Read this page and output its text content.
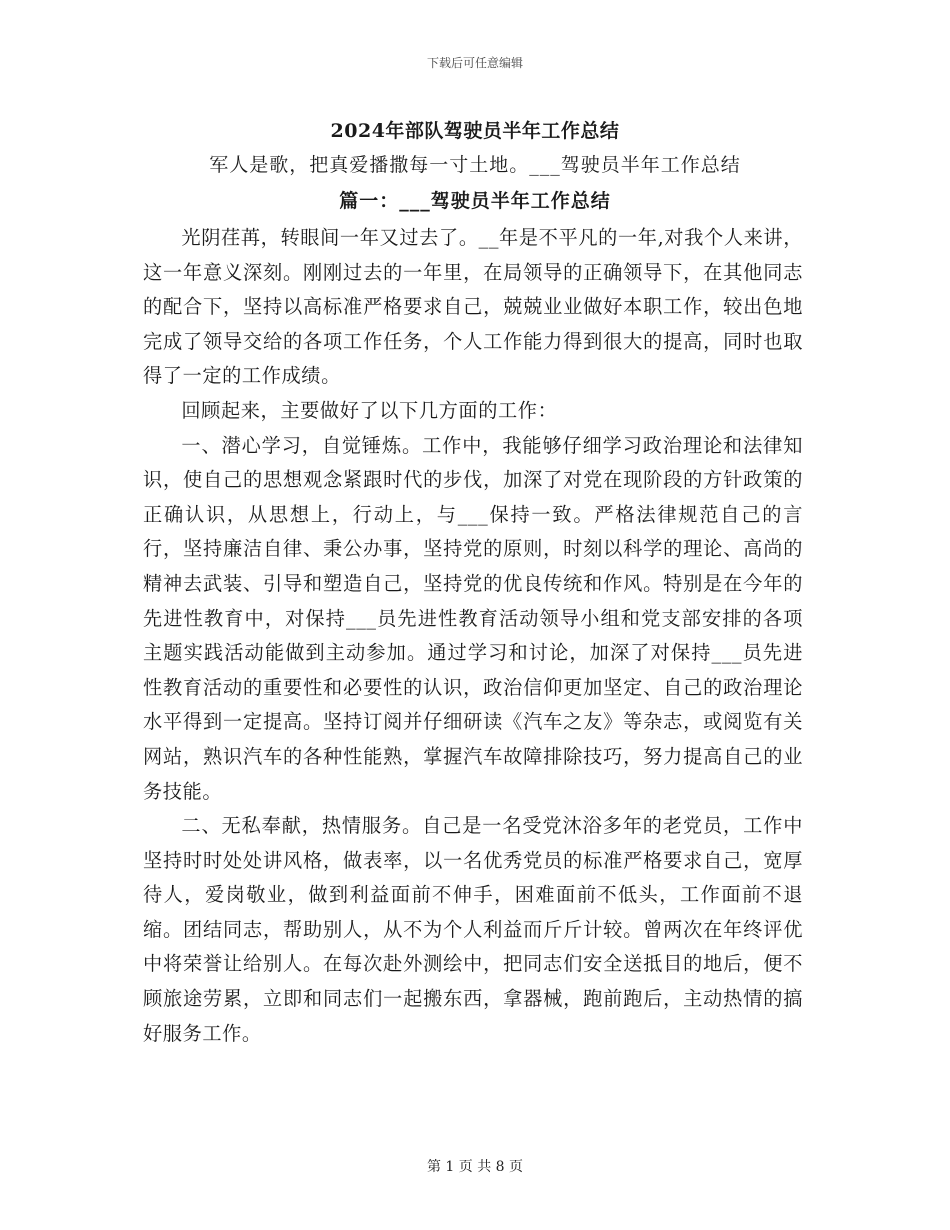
下载后可任意编辑
2024年部队驾驶员半年工作总结
军人是歌，把真爱播撒每一寸土地。___驾驶员半年工作总结
篇一：___驾驶员半年工作总结

光阴荏苒，转眼间一年又过去了。__年是不平凡的一年,对我个人来讲，这一年意义深刻。刚刚过去的一年里，在局领导的正确领导下，在其他同志的配合下，坚持以高标准严格要求自己，兢兢业业做好本职工作，较出色地完成了领导交给的各项工作任务，个人工作能力得到很大的提高，同时也取得了一定的工作成绩。

回顾起来，主要做好了以下几方面的工作：

一、潜心学习，自觉锤炼。工作中，我能够仔细学习政治理论和法律知识，使自己的思想观念紧跟时代的步伐，加深了对党在现阶段的方针政策的正确认识，从思想上，行动上，与___保持一致。严格法律规范自己的言行，坚持廉洁自律、秉公办事，坚持党的原则，时刻以科学的理论、高尚的精神去武装、引导和塑造自己，坚持党的优良传统和作风。特别是在今年的先进性教育中，对保持___员先进性教育活动领导小组和党支部安排的各项主题实践活动能做到主动参加。通过学习和讨论，加深了对保持___员先进性教育活动的重要性和必要性的认识，政治信仰更加坚定、自己的政治理论水平得到一定提高。坚持订阅并仔细研读《汽车之友》等杂志，或阅览有关网站，熟识汽车的各种性能熟，掌握汽车故障排除技巧，努力提高自己的业务技能。

二、无私奉献，热情服务。自己是一名受党沐浴多年的老党员，工作中坚持时时处处讲风格，做表率，以一名优秀党员的标准严格要求自己，宽厚待人，爱岗敬业，做到利益面前不伸手，困难面前不低头，工作面前不退缩。团结同志，帮助别人，从不为个人利益而斤斤计较。曾两次在年终评优中将荣誉让给别人。在每次赴外测绘中，把同志们安全送抵目的地后，便不顾旅途劳累，立即和同志们一起搬东西，拿器械，跑前跑后，主动热情的搞好服务工作。

第 1 页 共 8 页
